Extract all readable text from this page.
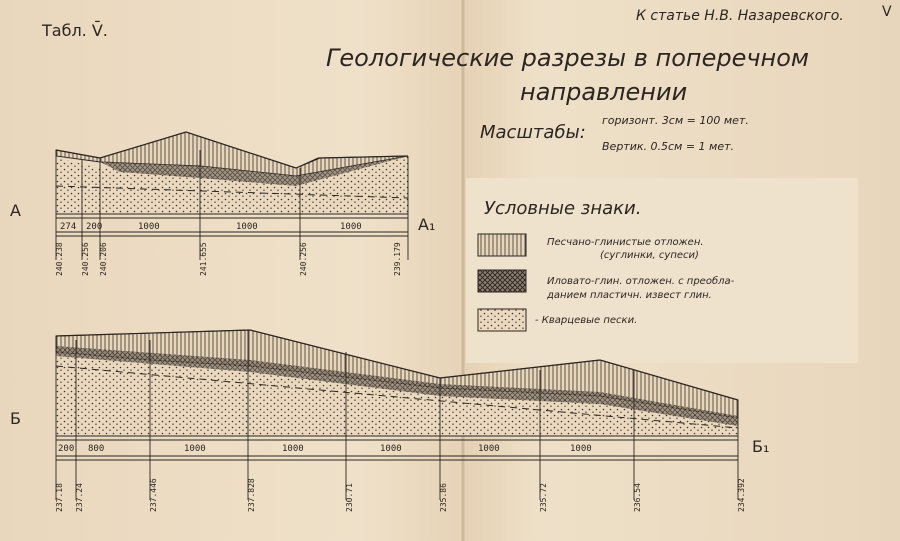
Табл. V̄.
К статье Н.В. Назаревского.	V
Геологические разрезы в поперечном
направлении
Масштабы:
горизонт. 3см = 100 мет.
Вертик. 0.5см = 1 мет.
Условные знаки.
Песчано-глинистые отложен.
(суглинки, супеси)
Иловато-глин. отложен. с преобла-
данием пластичн. извест глин.
- Кварцевые пески.
А
А₁
274 200	1000	1000	1000
240.238 240.256 240.206	241.655	240.256	239.179
Б
Б₁
200 800	1000	1000	1000	1000	1000
237.18 237.24	237.446	237.828	230.71	235.86	235.72	236.54	234.392
